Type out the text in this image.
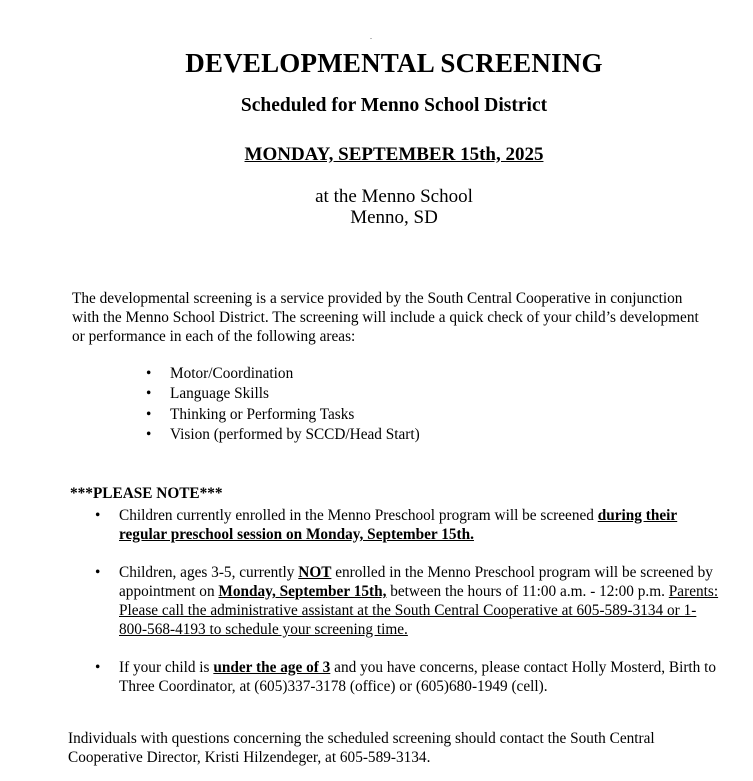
DEVELOPMENTAL SCREENING
Scheduled for Menno School District
MONDAY, SEPTEMBER 15th, 2025
at the Menno School
Menno, SD
The developmental screening is a service provided by the South Central Cooperative in conjunction with the Menno School District. The screening will include a quick check of your child’s development or performance in each of the following areas:
• Motor/Coordination
• Language Skills
• Thinking or Performing Tasks
• Vision (performed by SCCD/Head Start)
***PLEASE NOTE***
• Children currently enrolled in the Menno Preschool program will be screened during their regular preschool session on Monday, September 15th.
• Children, ages 3-5, currently NOT enrolled in the Menno Preschool program will be screened by appointment on Monday, September 15th, between the hours of 11:00 a.m. - 12:00 p.m. Parents: Please call the administrative assistant at the South Central Cooperative at 605-589-3134 or 1-800-568-4193 to schedule your screening time.
• If your child is under the age of 3 and you have concerns, please contact Holly Mosterd, Birth to Three Coordinator, at (605)337-3178 (office) or (605)680-1949 (cell).
Individuals with questions concerning the scheduled screening should contact the South Central Cooperative Director, Kristi Hilzendeger, at 605-589-3134.
